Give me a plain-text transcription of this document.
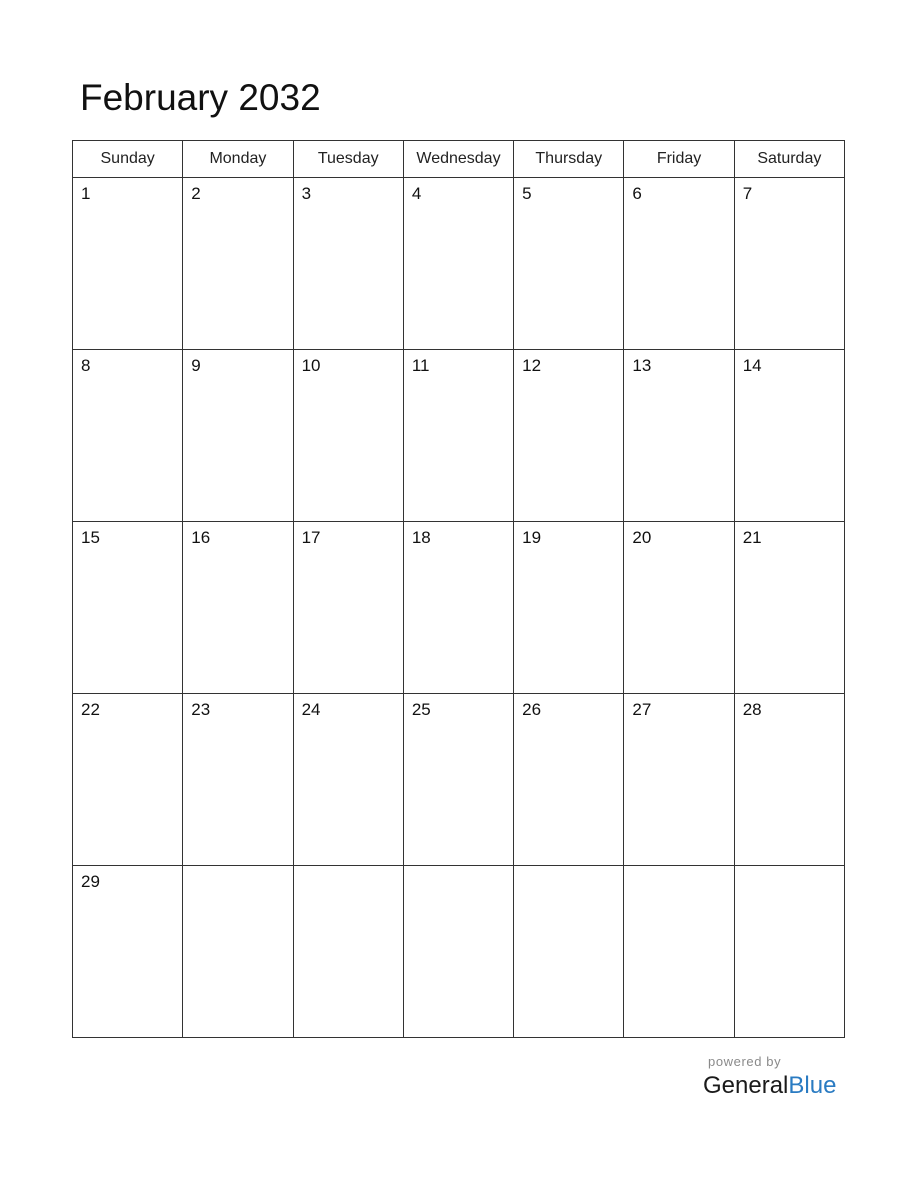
February 2032
Sunday	Monday	Tuesday	Wednesday	Thursday	Friday	Saturday

1	2	3	4	5	6	7

8	9	10	11	12	13	14

15	16	17	18	19	20	21

22	23	24	25	26	27	28

29						

powered by
GeneralBlue
